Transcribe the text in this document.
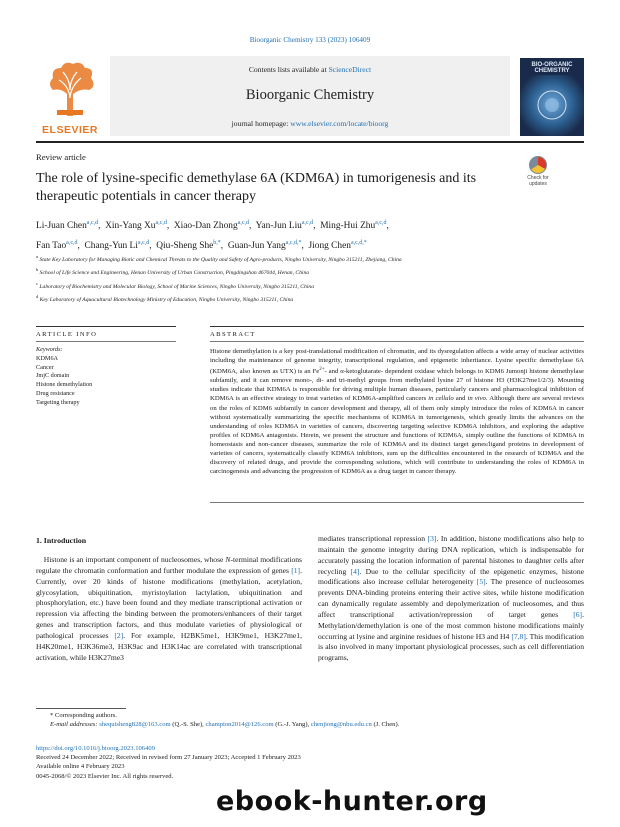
Bioorganic Chemistry 133 (2023) 106409
ELSEVIER
Contents lists available at ScienceDirect
Bioorganic Chemistry
journal homepage: www.elsevier.com/locate/bioorg
BIO-ORGANIC CHEMISTRY
Review article
The role of lysine-specific demethylase 6A (KDM6A) in tumorigenesis and its therapeutic potentials in cancer therapy
Check for updates
Li-Juan Chen$^{a,c,d}$,  Xin-Yang Xu$^{a,c,d}$,  Xiao-Dan Zhong$^{a,c,d}$,  Yan-Jun Liu$^{a,c,d}$,  Ming-Hui Zhu$^{a,c,d}$,
Fan Tao$^{a,c,d}$,  Chang-Yun Li$^{a,c,d}$,  Qiu-Sheng She$^{b,*}$,  Guan-Jun Yang$^{a,c,d,*}$,  Jiong Chen$^{a,c,d,*}$
$^a$ State Key Laboratory for Managing Biotic and Chemical Threats to the Quality and Safety of Agro-products, Ningbo University, Ningbo 315211, Zhejiang, China
$^b$ School of Life Science and Engineering, Henan University of Urban Construction, Pingdingshan 467044, Henan, China
$^c$ Laboratory of Biochemistry and Molecular Biology, School of Marine Sciences, Ningbo University, Ningbo 315211, China
$^d$ Key Laboratory of Aquacultural Biotechnology Ministry of Education, Ningbo University, Ningbo 315211, China
ARTICLE INFO	ABSTRACT
Keywords:
KDM6A
Cancer
JmjC domain
Histone demethylation
Drug resistance
Targeting therapy
Histone demethylation is a key post-translational modification of chromatin, and its dysregulation affects a wide array of nuclear activities including the maintenance of genome integrity, transcriptional regulation, and epigenetic inheritance. Lysine specific demethylase 6A (KDM6A, also known as UTX) is an $Fe^{2+}-$ and α-ketoglutarate- dependent oxidase which belongs to KDM6 Jumonji histone demethylase subfamily, and it can remove mono-, di- and tri-methyl groups from methylated lysine 27 of histone H3 (H3K27me1/2/3). Mounting studies indicate that KDM6A is responsible for driving multiple human diseases, particularly cancers and pharmacological inhibition of KDM6A is an effective strategy to treat varieties of KDM6A-amplified cancers in cellulo and in vivo. Although there are several reviews on the roles of KDM6 subfamily in cancer development and therapy, all of them only simply introduce the roles of KDM6A in cancer without systematically summarizing the specific mechanisms of KDM6A in tumorigenesis, which greatly limits the advances on the understanding of roles KDM6A in varieties of cancers, discovering targeting selective KDM6A inhibitors, and exploring the adaptive profiles of KDM6A antagonists. Herein, we present the structure and functions of KDM6A, simply outline the functions of KDM6A in homeostasis and non-cancer diseases, summarize the role of KDM6A and its distinct target genes/ligand proteins in development of varieties of cancers, systematically classify KDM6A inhibitors, sum up the difficulties encountered in the research of KDM6A and the discovery of related drugs, and provide the corresponding solutions, which will contribute to understanding the roles of KDM6A in carcinogenesis and advancing the progression of KDM6A as a drug target in cancer therapy.
1. Introduction
Histone is an important component of nucleosomes, whose N-terminal modifications regulate the chromatin conformation and further modulate the expression of genes [1]. Currently, over 20 kinds of histone modifications (methylation, acetylation, glycosylation, ubiquitination, myristoylation lactylation, ubiquitination and phosphorylation, etc.) have been found and they mediate transcriptional activation or repression via affecting the binding between the promoters/enhancers of their target genes and transcription factors, and thus modulate varieties of physiological or pathological processes [2]. For example, H2BK5me1, H3K9me1, H3K27me1, H4K20me1, H3K36me3, H3K9ac and H3K14ac are correlated with transcriptional activation, while H3K27me3
mediates transcriptional repression [3]. In addition, histone modifications also help to maintain the genome integrity during DNA replication, which is indispensable for accurately passing the location information of parental histones to daughter cells after recycling [4]. Due to the cellular specificity of the epigenetic enzymes, histone modifications also increase cellular heterogeneity [5]. The presence of nucleosomes prevents DNA-binding proteins entering their active sites, while histone modification can dynamically regulate assembly and depolymerization of nucleosomes, and thus affect transcriptional activation/repression of target genes [6]. Methylation/demethylation is one of the most common histone modifications mainly occurring at lysine and arginine residues of histone H3 and H4 [7,8]. This modification is also involved in many important physiological processes, such as cell differentiation programs,
* Corresponding authors.
E-mail addresses: shequisheng828@163.com (Q.-S. She), champion2014@126.com (G.-J. Yang), chenjiong@nbu.edu.cn (J. Chen).
https://doi.org/10.1016/j.bioorg.2023.106409
Received 24 December 2022; Received in revised form 27 January 2023; Accepted 1 February 2023
Available online 4 February 2023
0045-2068/© 2023 Elsevier Inc. All rights reserved.
ebook-hunter.org
